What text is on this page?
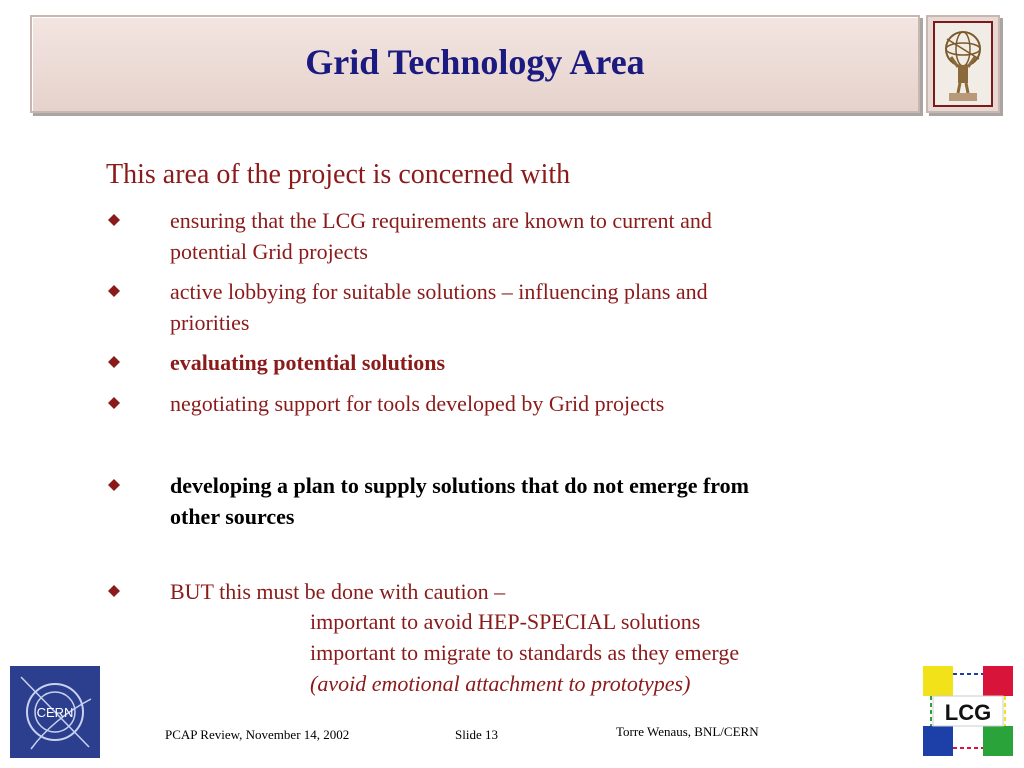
Grid Technology Area
This area of the project is concerned with
ensuring that the LCG requirements are known to current and
potential Grid projects
active lobbying for suitable solutions – influencing plans and
priorities
evaluating potential solutions
negotiating support for tools developed by Grid projects
developing a plan to supply solutions that do not emerge from
other sources
BUT this must be done with caution –
important to avoid HEP-SPECIAL solutions
important to migrate to standards as they emerge
(avoid emotional attachment to prototypes)
CERN
PCAP Review, November 14, 2002	Slide 13	Torre Wenaus, BNL/CERN
LCG
